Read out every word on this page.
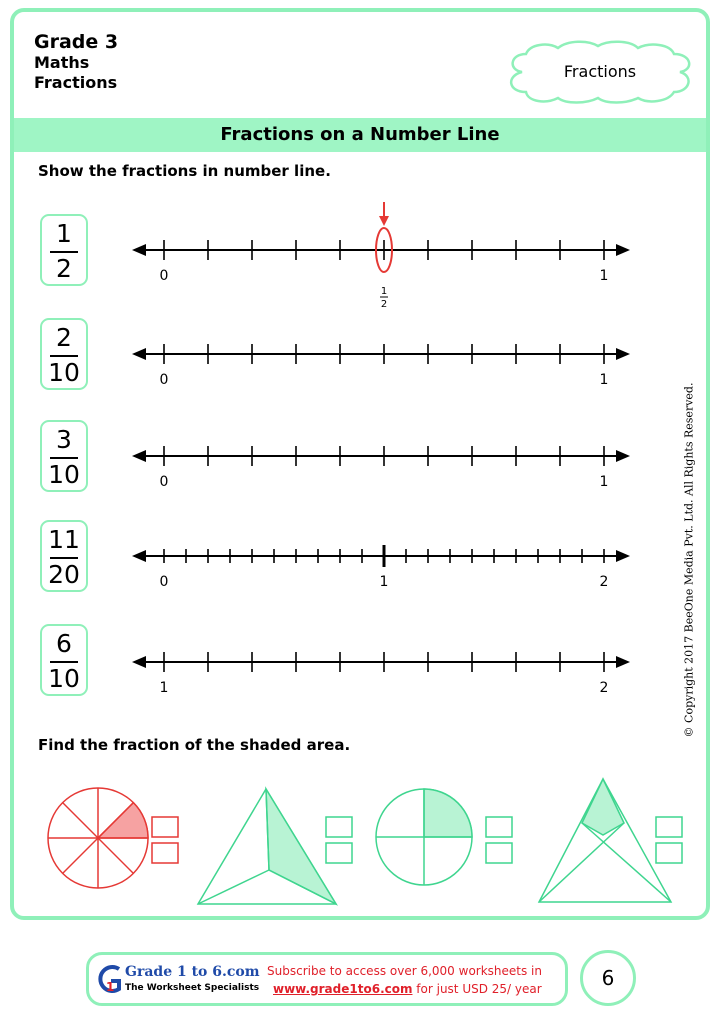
Grade 3
Maths
Fractions
Fractions
Fractions on a Number Line
Show the fractions in number line.
1
2
2
10
3
10
11
20
6
10
0	1
0	1
0	1
0	1	2
1	2
1
2
Find the fraction of the shaded area.
© Copyright 2017 BeeOne Media Pvt. Ltd. All Rights Reserved.
1
Grade 1 to 6.com
The Worksheet Specialists
Subscribe to access over 6,000 worksheets in
www.grade1to6.com for just USD 25/ year	6
